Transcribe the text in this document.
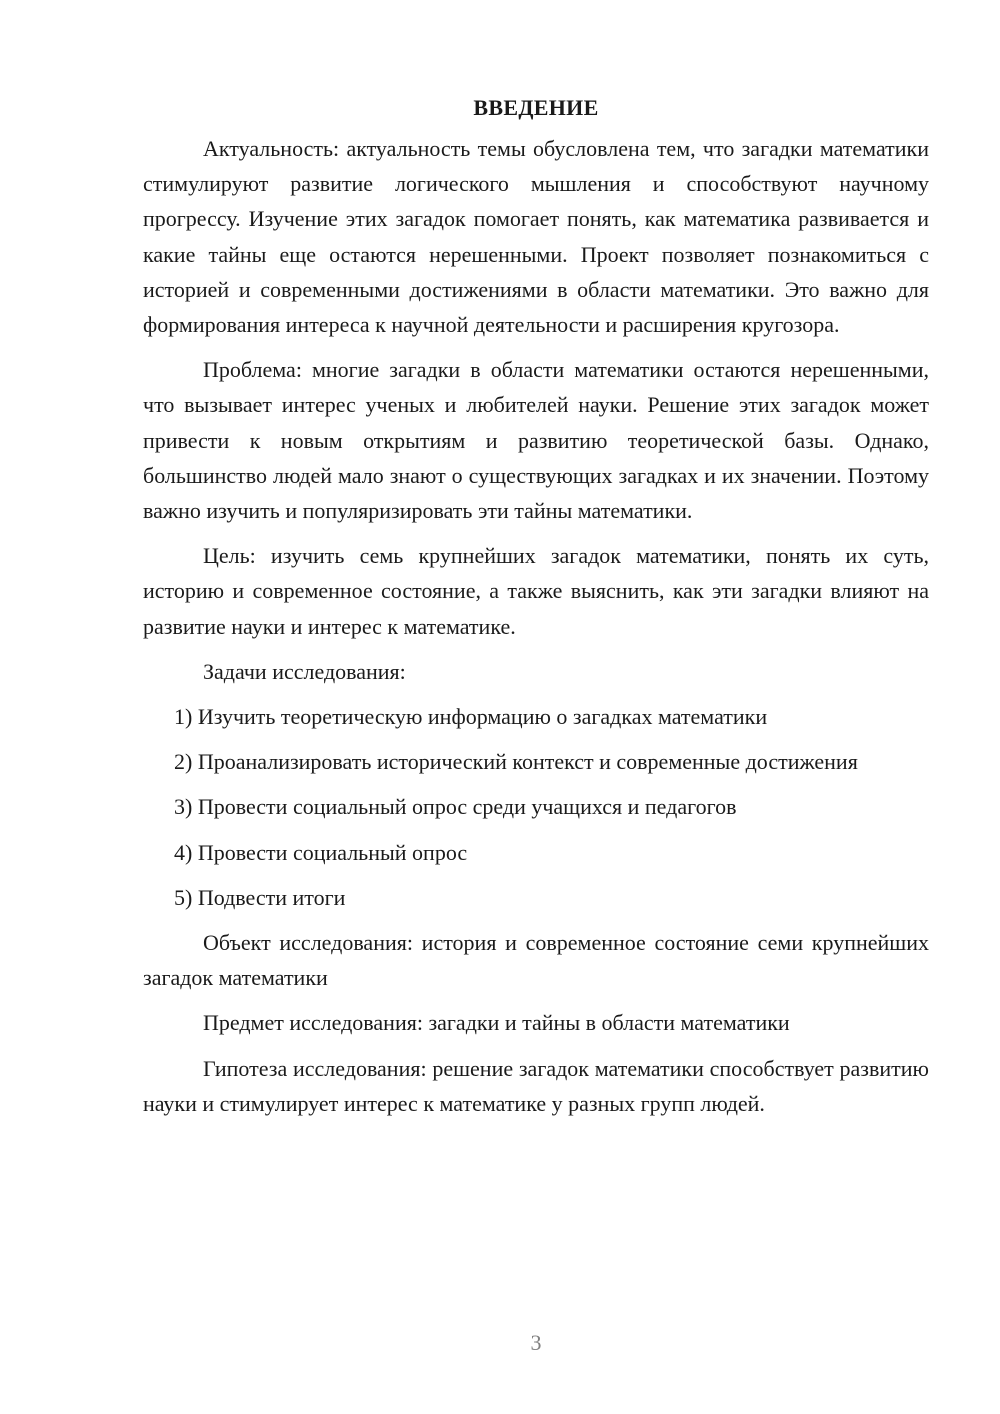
ВВЕДЕНИЕ

Актуальность: актуальность темы обусловлена тем, что загадки математики стимулируют развитие логического мышления и способствуют научному прогрессу. Изучение этих загадок помогает понять, как математика развивается и какие тайны еще остаются нерешенными. Проект позволяет познакомиться с историей и современными достижениями в области математики. Это важно для формирования интереса к научной деятельности и расширения кругозора.

Проблема: многие загадки в области математики остаются нерешенными, что вызывает интерес ученых и любителей науки. Решение этих загадок может привести к новым открытиям и развитию теоретической базы. Однако, большинство людей мало знают о существующих загадках и их значении. Поэтому важно изучить и популяризировать эти тайны математики.

Цель: изучить семь крупнейших загадок математики, понять их суть, историю и современное состояние, а также выяснить, как эти загадки влияют на развитие науки и интерес к математике.

Задачи исследования:

1) Изучить теоретическую информацию о загадках математики

2) Проанализировать исторический контекст и современные достижения

3) Провести социальный опрос среди учащихся и педагогов

4) Провести социальный опрос

5) Подвести итоги

Объект исследования: история и современное состояние семи крупнейших загадок математики

Предмет исследования: загадки и тайны в области математики

Гипотеза исследования: решение загадок математики способствует развитию науки и стимулирует интерес к математике у разных групп людей.

3
